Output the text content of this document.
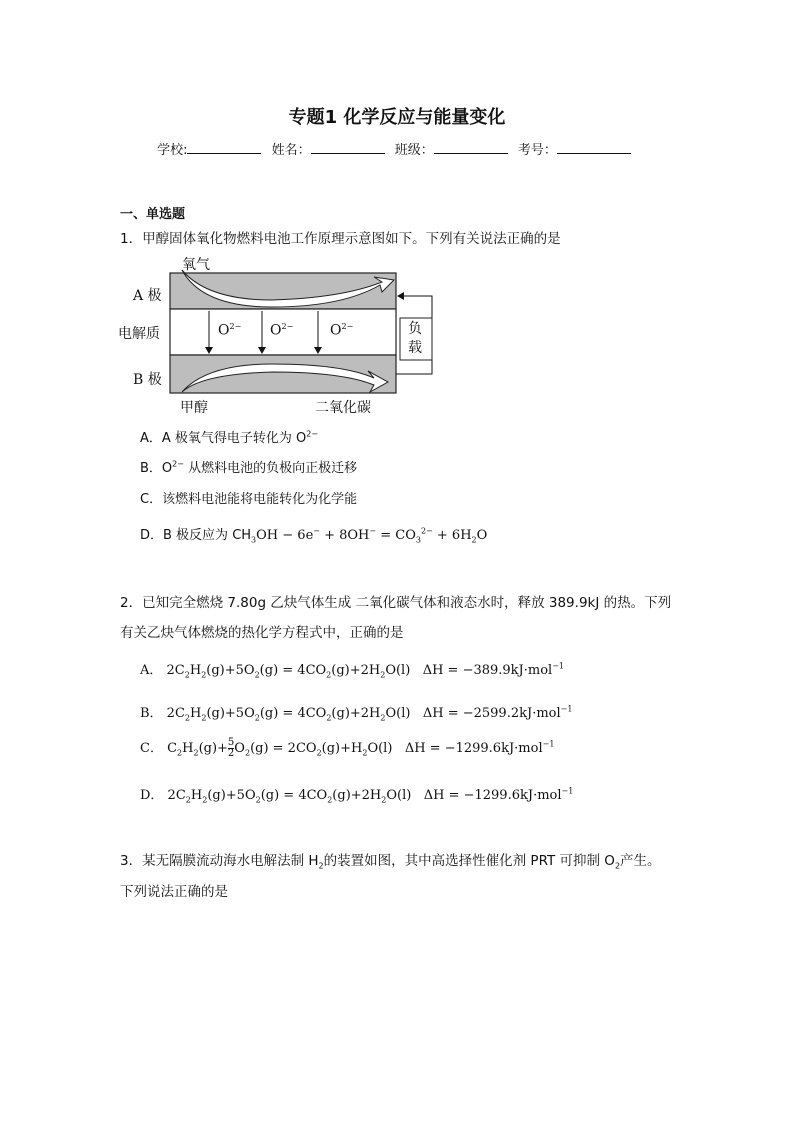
专题1 化学反应与能量变化
学校:	姓名：	班级：	考号：
一、单选题
1．甲醇固体氧化物燃料电池工作原理示意图如下。下列有关说法正确的是
氧气
A 极
电解质
B 极
甲醇	二氧化碳
负
载
$O^{2-}$ $O^{2-}$	$O^{2-}$
A．A 极氧气得电子转化为 $O^{2-}$
B．$O^{2-}$ 从燃料电池的负极向正极迁移
C．该燃料电池能将电能转化为化学能
D．B 极反应为 $CH_3OH - 6e^- + 8OH^- = CO_3^{2-} + 6H_2O$
2．已知完全燃烧 7.80g 乙炔气体生成 二氧化碳气体和液态水时，释放 389.9kJ 的热。下列
有关乙炔气体燃烧的热化学方程式中，正确的是
A． $2C_2H_2(g)+5O_2(g) = 4CO_2(g)+2H_2O(l) \Delta H = -389.9kJ\cdot mol^{-1}$
B． $2C_2H_2(g)+5O_2(g) = 4CO_2(g)+2H_2O(l) \Delta H = -2599.2kJ\cdot mol^{-1}$
C． $C_2H_2(g)+ \frac{5}{2} O_2(g) = 2CO_2(g)+H_2O(l) \Delta H = -1299.6kJ\cdot mol^{-1}$
D． $2C_2H_2(g)+5O_2(g) = 4CO_2(g)+2H_2O(l) \Delta H = -1299.6kJ\cdot mol^{-1}$
3．某无隔膜流动海水电解法制 $H_2$的装置如图，其中高选择性催化剂 PRT 可抑制 $O_2$产生。
下列说法正确的是
